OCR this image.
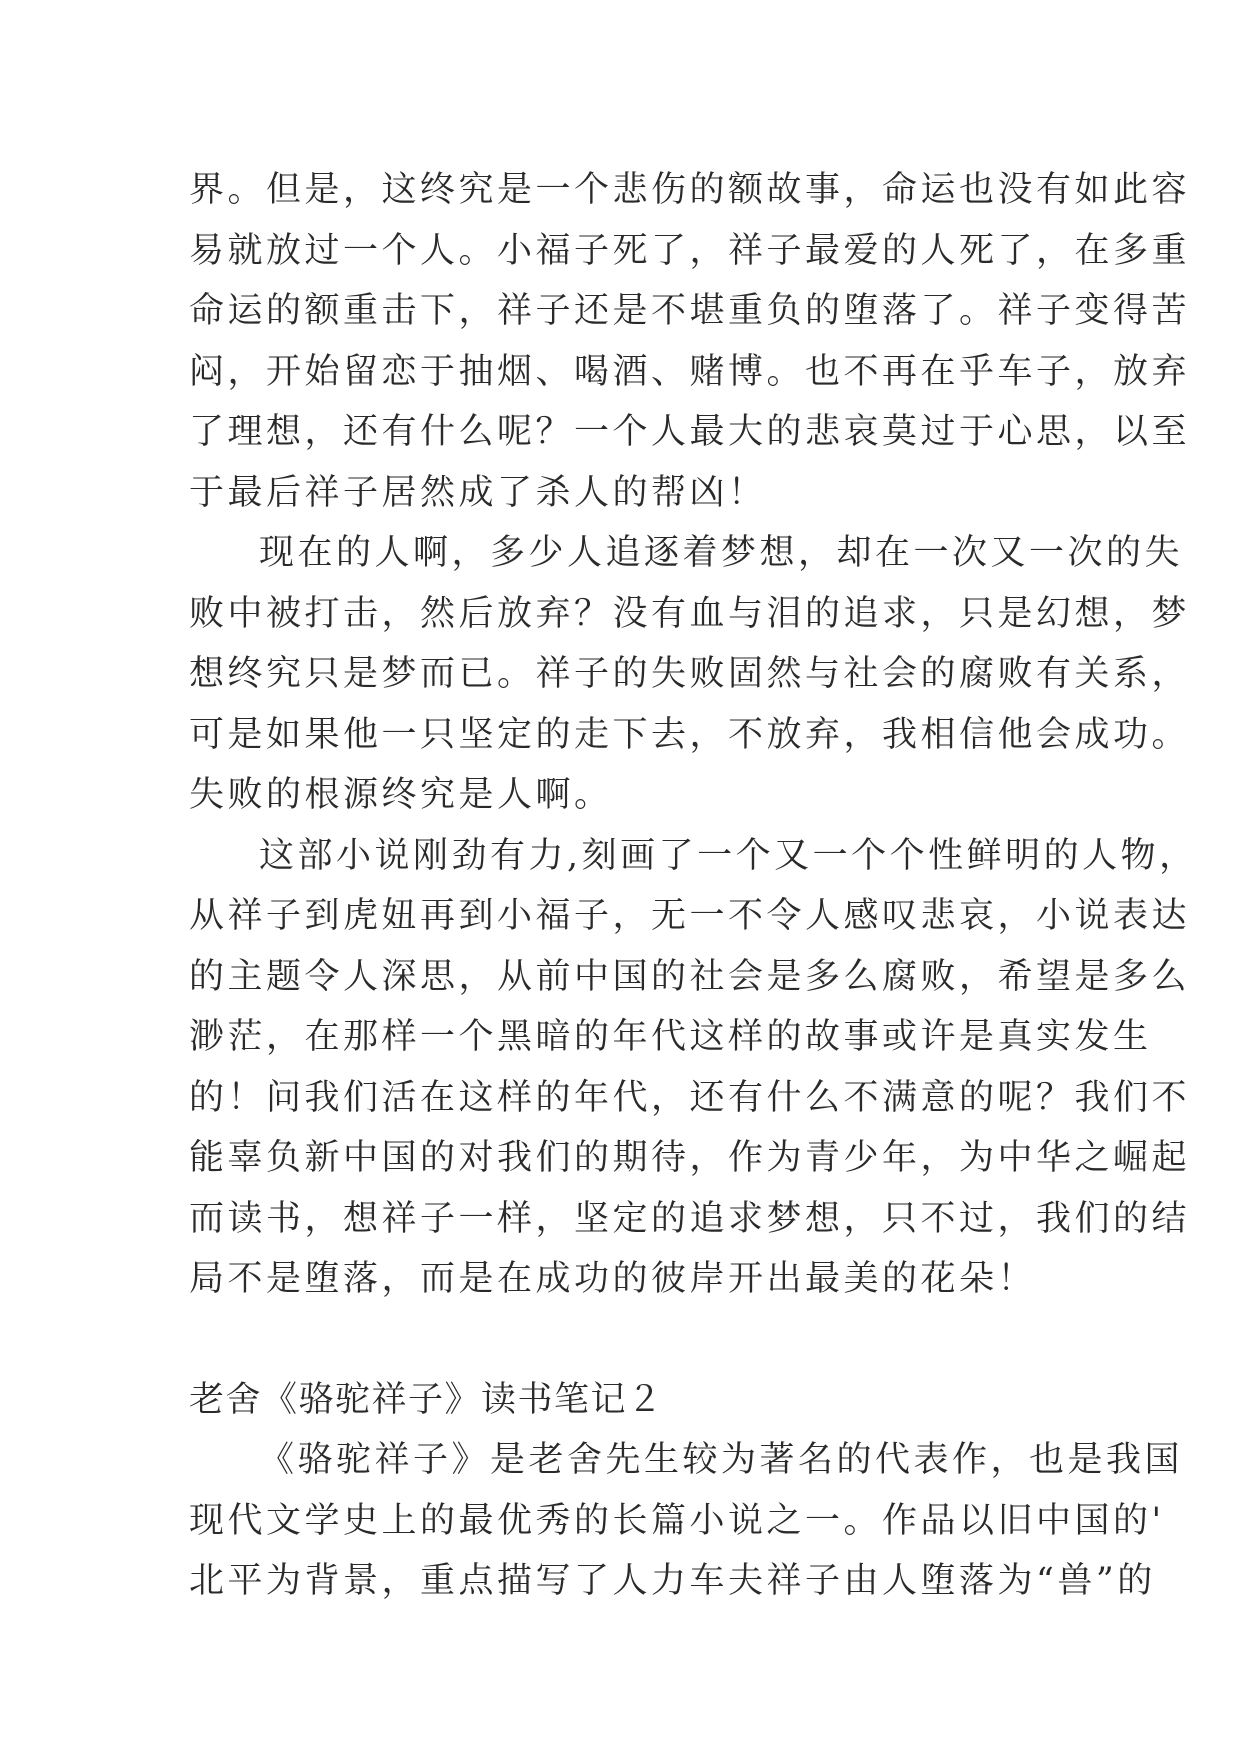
界。但是，这终究是一个悲伤的额故事，命运也没有如此容
易就放过一个人。小福子死了，祥子最爱的人死了，在多重
命运的额重击下，祥子还是不堪重负的堕落了。祥子变得苦
闷，开始留恋于抽烟、喝酒、赌博。也不再在乎车子，放弃
了理想，还有什么呢？一个人最大的悲哀莫过于心思，以至
于最后祥子居然成了杀人的帮凶！
现在的人啊，多少人追逐着梦想，却在一次又一次的失
败中被打击，然后放弃？没有血与泪的追求，只是幻想，梦
想终究只是梦而已。祥子的失败固然与社会的腐败有关系，
可是如果他一只坚定的走下去，不放弃，我相信他会成功。
失败的根源终究是人啊。
这部小说刚劲有力,刻画了一个又一个个性鲜明的人物，
从祥子到虎妞再到小福子，无一不令人感叹悲哀，小说表达
的主题令人深思，从前中国的社会是多么腐败，希望是多么
渺茫，在那样一个黑暗的年代这样的故事或许是真实发生
的！问我们活在这样的年代，还有什么不满意的呢？我们不
能辜负新中国的对我们的期待，作为青少年，为中华之崛起
而读书，想祥子一样，坚定的追求梦想，只不过，我们的结
局不是堕落，而是在成功的彼岸开出最美的花朵！
老舍《骆驼祥子》读书笔记２
《骆驼祥子》是老舍先生较为著名的代表作，也是我国
现代文学史上的最优秀的长篇小说之一。作品以旧中国的'
北平为背景，重点描写了人力车夫祥子由人堕落为“兽”的
